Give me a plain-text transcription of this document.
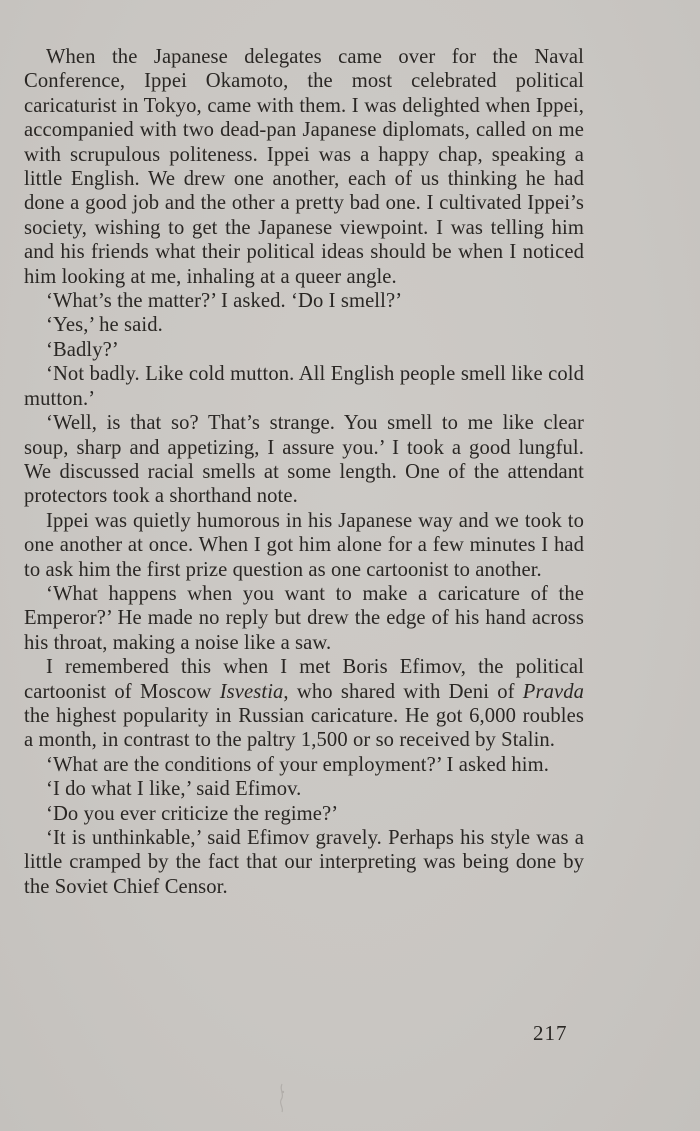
When the Japanese delegates came over for the Naval Conference, Ippei Okamoto, the most celebrated political caricaturist in Tokyo, came with them. I was delighted when Ippei, accompanied with two dead-pan Japanese diplomats, called on me with scrupulous politeness. Ippei was a happy chap, speaking a little English. We drew one another, each of us thinking he had done a good job and the other a pretty bad one. I cultivated Ippei’s society, wishing to get the Japanese viewpoint. I was telling him and his friends what their political ideas should be when I noticed him looking at me, inhaling at a queer angle.

‘What’s the matter?’ I asked. ‘Do I smell?’

‘Yes,’ he said.

‘Badly?’

‘Not badly. Like cold mutton. All English people smell like cold mutton.’

‘Well, is that so? That’s strange. You smell to me like clear soup, sharp and appetizing, I assure you.’ I took a good lungful. We discussed racial smells at some length. One of the attendant protectors took a shorthand note.

Ippei was quietly humorous in his Japanese way and we took to one another at once. When I got him alone for a few minutes I had to ask him the first prize question as one cartoonist to another.

‘What happens when you want to make a caricature of the Emperor?’ He made no reply but drew the edge of his hand across his throat, making a noise like a saw.

I remembered this when I met Boris Efimov, the political cartoonist of Moscow Isvestia, who shared with Deni of Pravda the highest popularity in Russian caricature. He got 6,000 roubles a month, in contrast to the paltry 1,500 or so received by Stalin.

‘What are the conditions of your employment?’ I asked him.

‘I do what I like,’ said Efimov.

‘Do you ever criticize the regime?’

‘It is unthinkable,’ said Efimov gravely. Perhaps his style was a little cramped by the fact that our interpreting was being done by the Soviet Chief Censor.

217
